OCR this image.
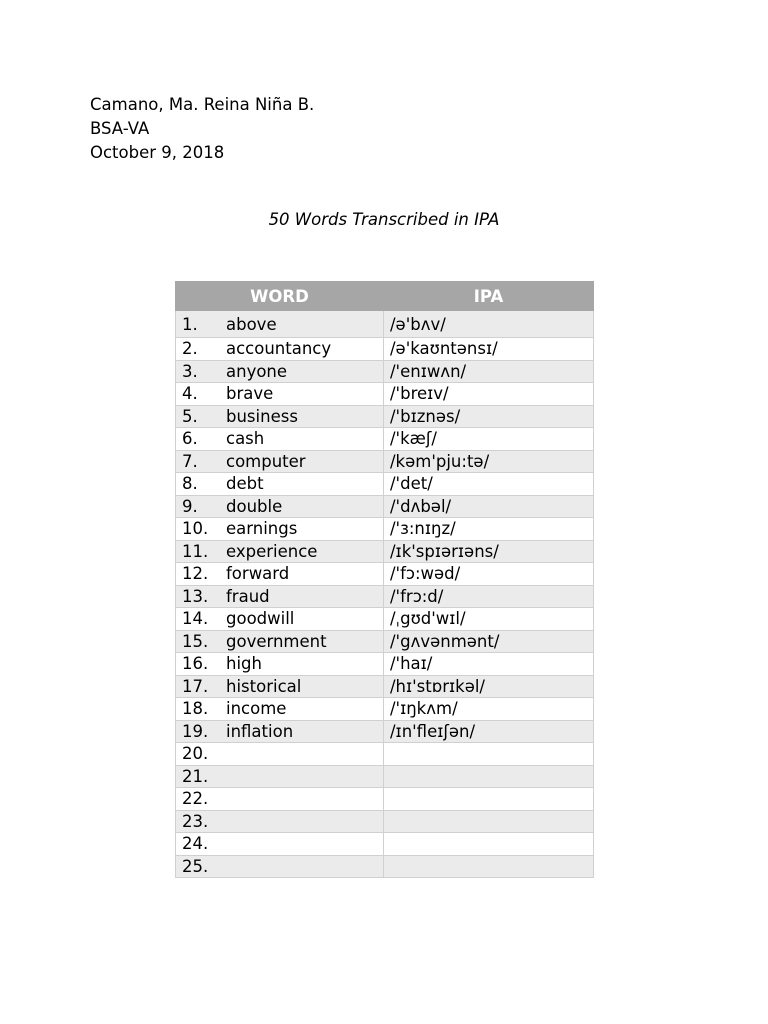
Camano, Ma. Reina Niña B.
BSA-VA
October 9, 2018
50 Words Transcribed in IPA
WORD	IPA
1. above	/ə'bʌv/
2. accountancy	/ə'kaʊntənsɪ/
3. anyone	/'enɪwʌn/
4. brave	/'breɪv/
5. business	/'bɪznəs/
6. cash	/'kæʃ/
7. computer	/kəm'pju:tə/
8. debt	/'det/
9. double	/'dʌbəl/
10. earnings	/'ɜ:nɪŋz/
11. experience	/ɪk'spɪərɪəns/
12. forward	/'fɔ:wəd/
13. fraud	/'frɔ:d/
14. goodwill	/ˌgʊd'wɪl/
15. government	/'gʌvənmənt/
16. high	/'haɪ/
17. historical	/hɪ'stɒrɪkəl/
18. income	/'ɪŋkʌm/
19. inflation	/ɪn'fleɪʃən/
20.	
21.	
22.	
23.	
24.	
25.	
